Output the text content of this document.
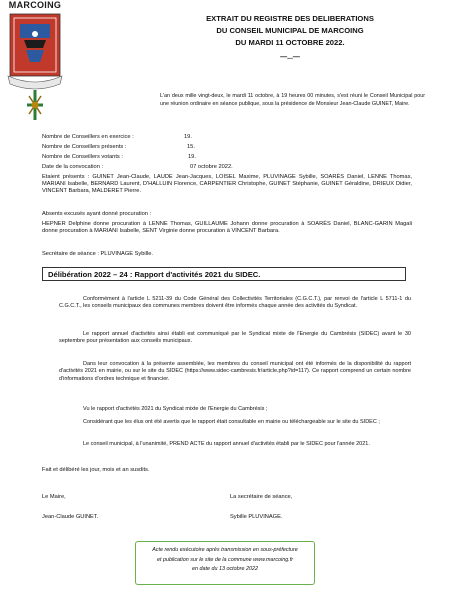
MARCOING
EXTRAIT DU REGISTRE DES DELIBERATIONS
DU CONSEIL MUNICIPAL DE MARCOING
DU MARDI 11 OCTOBRE 2022.
—...—
L'an deux mille vingt-deux, le mardi 11 octobre, à 19 heures 00 minutes, s'est réuni le Conseil Municipal pour une réunion ordinaire en séance publique, sous la présidence de Monsieur Jean-Claude GUINET, Maire.
Nombre de Conseillers en exercice :	19.
Nombre de Conseillers présents :	15.
Nombre de Conseillers votants :	19.
Date de la convocation :	07 octobre 2022.
Etaient présents : GUINET Jean-Claude, LAUDE Jean-Jacques, LOISEL Maxime, PLUVINAGE Sybille, SOARÈS Daniel, LENNE Thomas, MARIANI Isabelle, BERNARD Laurent, D'HALLUIN Florence, CARPENTIER Christophe, GUINET Stéphanie, GUINET Géraldine, DRIEUX Didier, VINCENT Barbara, MALDERET Pierre.
Absents excusés ayant donné procuration :
HEPNER Delphine donne procuration à LENNE Thomas, GUILLAUME Johann donne procuration à SOARÈS Daniel, BLANC-GARIN Magali donne procuration à MARIANI Isabelle, SENT Virginie donne procuration à VINCENT Barbara.
Secrétaire de séance : PLUVINAGE Sybille.
Délibération 2022 – 24 : Rapport d'activités 2021 du SIDEC.
Conformément à l'article L 5211-39 du Code Général des Collectivités Territoriales (C.G.C.T.), par renvoi de l'article L 5711-1 du C.G.C.T., les conseils municipaux des communes membres doivent être informés chaque année des activités du Syndicat.
Le rapport annuel d'activités ainsi établi est communiqué par le Syndicat mixte de l'Energie du Cambrésis (SIDEC) avant le 30 septembre pour présentation aux conseils municipaux.
Dans leur convocation à la présente assemblée, les membres du conseil municipal ont été informés de la disponibilité du rapport d'activités 2021 en mairie, ou sur le site du SIDEC (https://www.sidec-cambresis.fr/article.php?id=117). Ce rapport comprend un certain nombre d'informations d'ordres technique et financier.
Vu le rapport d'activités 2021 du Syndicat mixte de l'Energie du Cambrésis ;
Considérant que les élus ont été avertis que le rapport était consultable en mairie ou téléchargeable sur le site du SIDEC ;
Le conseil municipal, à l'unanimité, PREND ACTE du rapport annuel d'activités établi par le SIDEC pour l'année 2021.
Fait et délibéré les jour, mois et an susdits.
Le Maire,	La secrétaire de séance,
Jean-Claude GUINET.	Sybille PLUVINAGE.
Acte rendu exécutoire après transmission en sous-préfecture
et publication sur le site de la commune www.marcoing.fr
en date du 13 octobre 2022
